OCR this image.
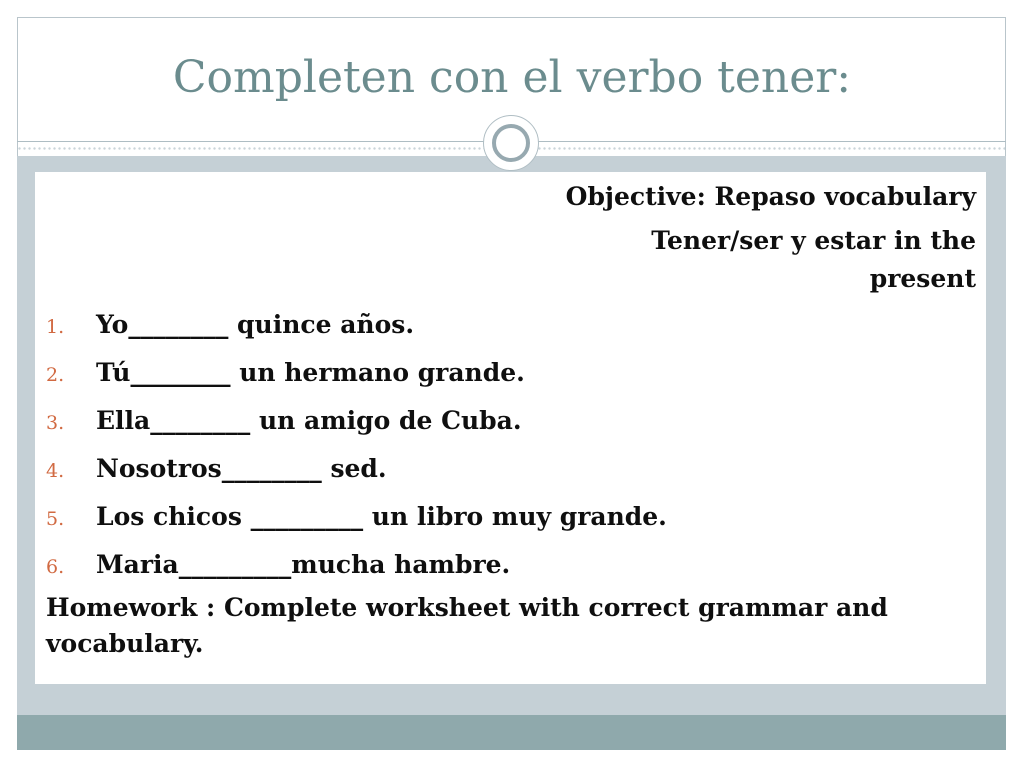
Completen con el verbo tener:
Objective: Repaso vocabulary
Tener/ser y estar in the present
1.	Yo________ quince años.
2.	Tú________ un hermano grande.
3.	Ella________ un amigo de Cuba.
4.	Nosotros________ sed.
5.	Los chicos _________ un libro muy grande.
6.	Maria_________mucha hambre.
Homework : Complete worksheet with correct grammar and vocabulary.
